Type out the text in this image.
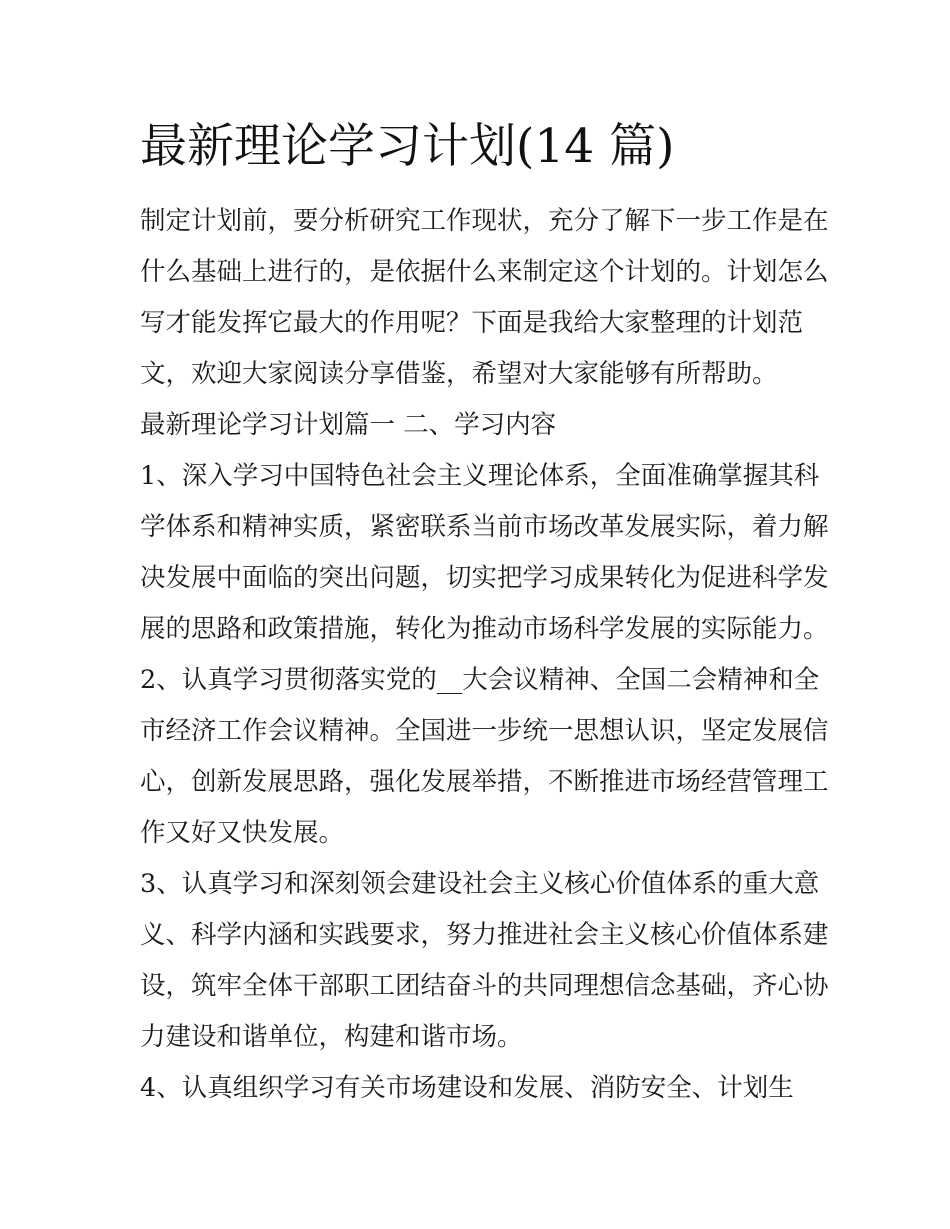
最新理论学习计划(14 篇)
制定计划前，要分析研究工作现状，充分了解下一步工作是在
什么基础上进行的，是依据什么来制定这个计划的。计划怎么
写才能发挥它最大的作用呢？下面是我给大家整理的计划范
文，欢迎大家阅读分享借鉴，希望对大家能够有所帮助。
最新理论学习计划篇一 二、学习内容
1、深入学习中国特色社会主义理论体系，全面准确掌握其科
学体系和精神实质，紧密联系当前市场改革发展实际，着力解
决发展中面临的突出问题，切实把学习成果转化为促进科学发
展的思路和政策措施，转化为推动市场科学发展的实际能力。
2、认真学习贯彻落实党的__大会议精神、全国二会精神和全
市经济工作会议精神。全国进一步统一思想认识，坚定发展信
心，创新发展思路，强化发展举措，不断推进市场经营管理工
作又好又快发展。
3、认真学习和深刻领会建设社会主义核心价值体系的重大意
义、科学内涵和实践要求，努力推进社会主义核心价值体系建
设，筑牢全体干部职工团结奋斗的共同理想信念基础，齐心协
力建设和谐单位，构建和谐市场。
4、认真组织学习有关市场建设和发展、消防安全、计划生
